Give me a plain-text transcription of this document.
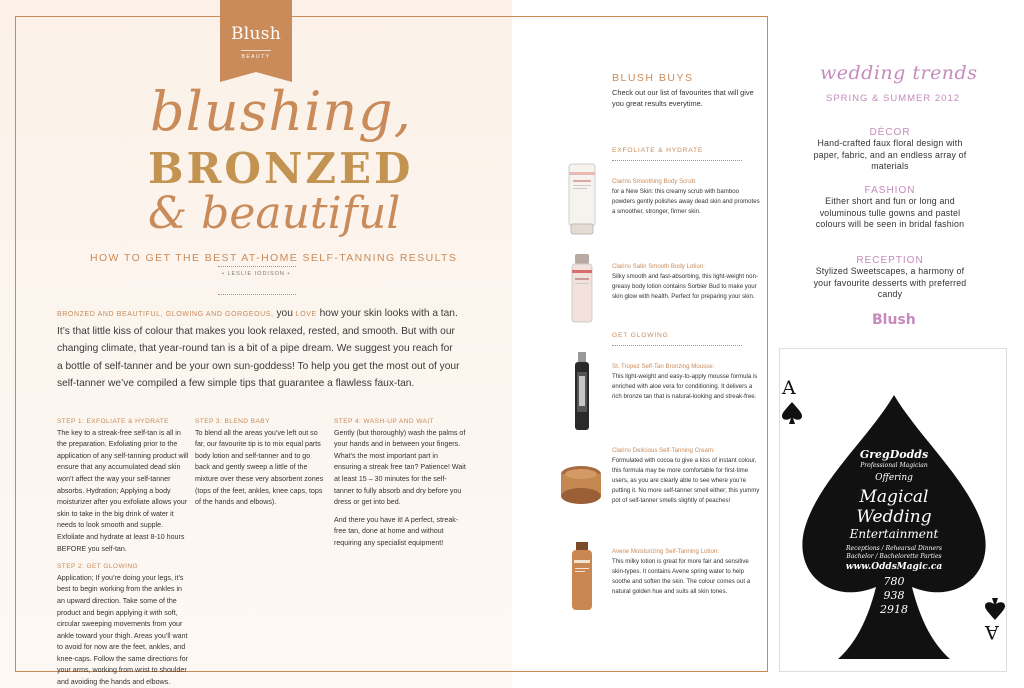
Blush
BEAUTY
blushing,
BRONZED
& beautiful
HOW TO GET THE BEST AT-HOME SELF-TANNING RESULTS
• LESLIE IODISON •
BRONZED AND BEAUTIFUL, GLOWING AND GORGEOUS, you LOVE how your skin looks with a tan. It’s that little kiss of colour that makes you look relaxed, rested, and smooth. But with our changing climate, that year-round tan is a bit of a pipe dream. We suggest you reach for a bottle of self-tanner and be your own sun-goddess! To help you get the most out of your self-tanner we’ve compiled a few simple tips that guarantee a flawless faux-tan.

STEP 1: EXFOLIATE & HYDRATE
The key to a streak-free self-tan is all in the preparation. Exfoliating prior to the application of any self-tanning product will ensure that any accumulated dead skin won’t affect the way your self-tanner absorbs. Hydration; Applying a body moisturizer after you exfoliate allows your skin to take in the big drink of water it needs to look smooth and supple. Exfoliate and hydrate at least 8-10 hours BEFORE you self-tan.

STEP 2: GET GLOWING
Application; If you’re doing your legs, it’s best to begin working from the ankles in an upward direction. Take some of the product and begin applying it with soft, circular sweeping movements from your ankle toward your thigh. Areas you’ll want to avoid for now are the feet, ankles, and knee-caps. Follow the same directions for your arms, working from wrist to shoulder and avoiding the hands and elbows.

STEP 3: BLEND BABY
To blend all the areas you’ve left out so far, our favourite tip is to mix equal parts body lotion and self-tanner and to go back and gently sweep a little of the mixture over these very absorbent zones (tops of the feet, ankles, knee caps, tops of the hands and elbows).

STEP 4: WASH-UP AND WAIT
Gently (but thoroughly) wash the palms of your hands and in between your fingers. What’s the most important part in ensuring a streak free tan? Patience! Wait at least 15 – 30 minutes for the self-tanner to fully absorb and dry before you dress or get into bed.

And there you have it! A perfect, streak-free tan, done at home and without requiring any specialist equipment!

BLUSH BUYS
Check out our list of favourites that will give you great results everytime.
EXFOLIATE & HYDRATE
Clarins Smoothing Body Scrub:
for a New Skin: this creamy scrub with bamboo powders gently polishes away dead skin and promotes a smoother, stronger, firmer skin.
Clarins Satin Smooth Body Lotion:
Silky smooth and fast-absorbing, this light-weight non-greasy body lotion contains Sorbier Bud to make your skin glow with health. Perfect for preparing your skin.
GET GLOWING
St. Tropez Self-Tan Bronzing Mousse:
This light-weight and easy-to-apply mousse formula is enriched with aloe vera for conditioning. It delivers a rich bronze tan that is natural-looking and streak-free.
Clarins Delicious Self-Tanning Cream:
Formulated with cocoa to give a kiss of instant colour, this formula may be more comfortable for first-time users, as you are clearly able to see where you’re putting it. No more self-tanner smell either; this yummy pot of self-tanner smells slightly of peaches!
Avene Moisturizing Self-Tanning Lotion:
This milky lotion is great for more fair and sensitive skin-types. It contains Avene spring water to help soothe and soften the skin. The colour comes out a natural golden hue and suits all skin tones.
wedding trends
SPRING & SUMMER 2012
DÉCOR
Hand-crafted faux floral design with paper, fabric, and an endless array of materials
FASHION
Either short and fun or long and voluminous tulle gowns and pastel colours will be seen in bridal fashion
RECEPTION
Stylized Sweetscapes, a harmony of your favourite desserts with preferred candy
Blush
A
A
GregDodds
Professional Magician
Offering
Magical
Wedding
Entertainment
Receptions / Rehearsal Dinners
Bachelor / Bachelorette Parties
www.OddsMagic.ca
780
938
2918
